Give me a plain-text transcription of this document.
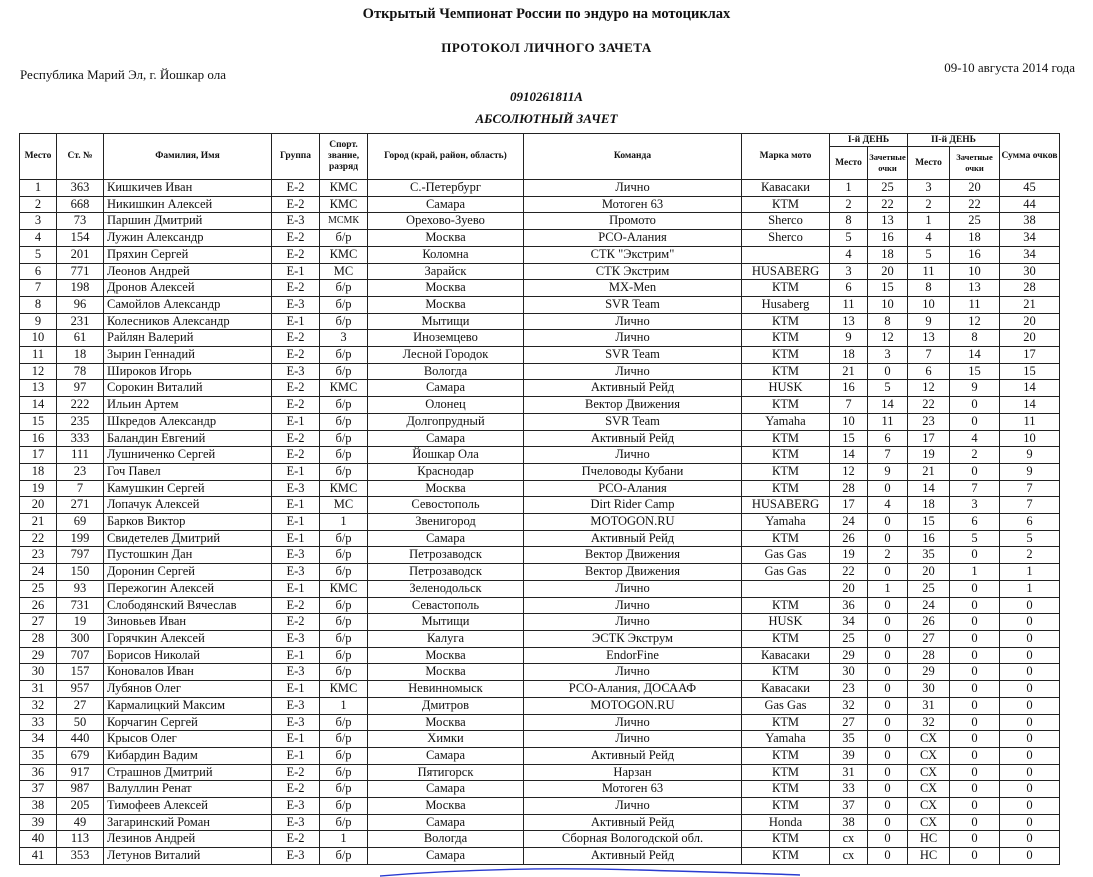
Открытый Чемпионат России по эндуро на мотоциклах
ПРОТОКОЛ ЛИЧНОГО ЗАЧЕТА
Республика Марий Эл, г. Йошкар ола	09-10 августа 2014 года
0910261811А
АБСОЛЮТНЫЙ ЗАЧЕТ
Место	Ст. №	Фамилия, Имя	Группа	Спорт. звание, разряд	Город (край, район, область)	Команда	Марка мото	I-й ДЕНЬ		II-й ДЕНЬ		Сумма очков
								Место	Зачетные очки	Место	Зачетные очки	
1	363	Кишкичев Иван	Е-2	КМС	С.-Петербург	Лично	Кавасаки	1	25	3	20	45
2	668	Никишкин Алексей	Е-2	КМС	Самара	Мотоген 63	КТМ	2	22	2	22	44
3	73	Паршин Дмитрий	Е-3	МСМК	Орехово-Зуево	Промото	Sherco	8	13	1	25	38
4	154	Лужин Александр	Е-2	б/р	Москва	РСО-Алания	Sherco	5	16	4	18	34
5	201	Пряхин Сергей	Е-2	КМС	Коломна	СТК "Экстрим"		4	18	5	16	34
6	771	Леонов Андрей	Е-1	МС	Зарайск	СТК Экстрим	HUSABERG	3	20	11	10	30
7	198	Дронов Алексей	Е-2	б/р	Москва	MX-Men	КТМ	6	15	8	13	28
8	96	Самойлов Александр	Е-3	б/р	Москва	SVR Team	Husaberg	11	10	10	11	21
9	231	Колесников Александр	Е-1	б/р	Мытищи	Лично	КТМ	13	8	9	12	20
10	61	Райлян Валерий	Е-2	3	Иноземцево	Лично	КТМ	9	12	13	8	20
11	18	Зырин Геннадий	Е-2	б/р	Лесной Городок	SVR Team	КТМ	18	3	7	14	17
12	78	Широков Игорь	Е-3	б/р	Вологда	Лично	КТМ	21	0	6	15	15
13	97	Сорокин Виталий	Е-2	КМС	Самара	Активный Рейд	HUSK	16	5	12	9	14
14	222	Ильин Артем	Е-2	б/р	Олонец	Вектор Движения	КТМ	7	14	22	0	14
15	235	Шкредов Александр	Е-1	б/р	Долгопрудный	SVR Team	Yamaha	10	11	23	0	11
16	333	Баландин Евгений	Е-2	б/р	Самара	Активный Рейд	КТМ	15	6	17	4	10
17	111	Лушниченко Сергей	Е-2	б/р	Йошкар Ола	Лично	КТМ	14	7	19	2	9
18	23	Гоч Павел	Е-1	б/р	Краснодар	Пчеловоды Кубани	КТМ	12	9	21	0	9
19	7	Камушкин Сергей	Е-3	КМС	Москва	РСО-Алания	КТМ	28	0	14	7	7
20	271	Лопачук Алексей	Е-1	МС	Севостополь	Dirt Rider Camp	HUSABERG	17	4	18	3	7
21	69	Барков Виктор	Е-1	1	Звенигород	MOTOGON.RU	Yamaha	24	0	15	6	6
22	199	Свидетелев Дмитрий	Е-1	б/р	Самара	Активный Рейд	КТМ	26	0	16	5	5
23	797	Пустошкин Дан	Е-3	б/р	Петрозаводск	Вектор Движения	Gas Gas	19	2	35	0	2
24	150	Доронин Сергей	Е-3	б/р	Петрозаводск	Вектор Движения	Gas Gas	22	0	20	1	1
25	93	Пережогин Алексей	Е-1	КМС	Зеленодольск	Лично		20	1	25	0	1
26	731	Слободянский Вячеслав	Е-2	б/р	Севастополь	Лично	КТМ	36	0	24	0	0
27	19	Зиновьев Иван	Е-2	б/р	Мытищи	Лично	HUSK	34	0	26	0	0
28	300	Горячкин Алексей	Е-3	б/р	Калуга	ЭСТК Экструм	КТМ	25	0	27	0	0
29	707	Борисов Николай	Е-1	б/р	Москва	EndorFine	Кавасаки	29	0	28	0	0
30	157	Коновалов Иван	Е-3	б/р	Москва	Лично	КТМ	30	0	29	0	0
31	957	Лубянов Олег	Е-1	КМС	Невинномыск	РСО-Алания, ДОСААФ	Кавасаки	23	0	30	0	0
32	27	Кармалицкий Максим	Е-3	1	Дмитров	MOTOGON.RU	Gas Gas	32	0	31	0	0
33	50	Корчагин Сергей	Е-3	б/р	Москва	Лично	КТМ	27	0	32	0	0
34	440	Крысов Олег	Е-1	б/р	Химки	Лично	Yamaha	35	0	СХ	0	0
35	679	Кибардин Вадим	Е-1	б/р	Самара	Активный Рейд	КТМ	39	0	СХ	0	0
36	917	Страшнов Дмитрий	Е-2	б/р	Пятигорск	Нарзан	КТМ	31	0	СХ	0	0
37	987	Валуллин Ренат	Е-2	б/р	Самара	Мотоген 63	КТМ	33	0	СХ	0	0
38	205	Тимофеев Алексей	Е-3	б/р	Москва	Лично	КТМ	37	0	СХ	0	0
39	49	Загаринский Роман	Е-3	б/р	Самара	Активный Рейд	Honda	38	0	СХ	0	0
40	113	Лезинов Андрей	Е-2	1	Вологда	Сборная Вологодской обл.	КТМ	сх	0	НС	0	0
41	353	Летунов Виталий	Е-3	б/р	Самара	Активный Рейд	КТМ	сх	0	НС	0	0
